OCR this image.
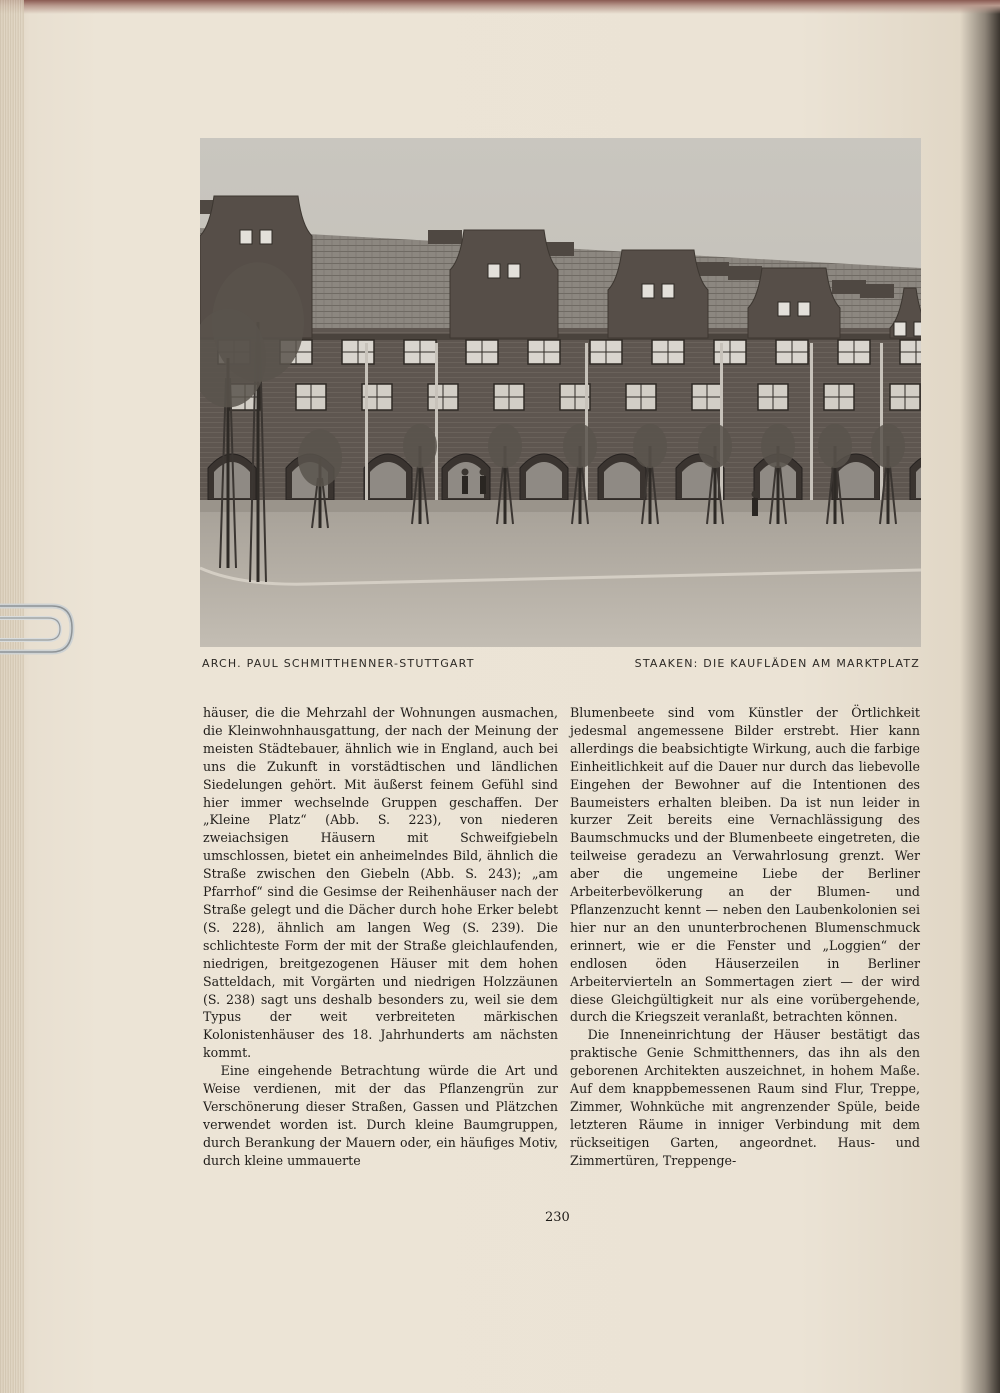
ARCH. PAUL SCHMITTHENNER-STUTTGART	STAAKEN: DIE KAUFLÄDEN AM MARKTPLATZ

häuser, die die Mehrzahl der Wohnungen ausmachen, die Kleinwohnhausgattung, der nach der Meinung der meisten Städtebauer, ähnlich wie in England, auch bei uns die Zukunft in vorstädtischen und ländlichen Siedelungen gehört. Mit äußerst feinem Gefühl sind hier immer wechselnde Gruppen geschaffen. Der „Kleine Platz“ (Abb. S. 223), von niederen zweiachsigen Häusern mit Schweifgiebeln umschlossen, bietet ein anheimelndes Bild, ähnlich die Straße zwischen den Giebeln (Abb. S. 243); „am Pfarrhof“ sind die Gesimse der Reihenhäuser nach der Straße gelegt und die Dächer durch hohe Erker belebt (S. 228), ähnlich am langen Weg (S. 239). Die schlichteste Form der mit der Straße gleichlaufenden, niedrigen, breitgezogenen Häuser mit dem hohen Satteldach, mit Vorgärten und niedrigen Holzzäunen (S. 238) sagt uns deshalb besonders zu, weil sie dem Typus der weit verbreiteten märkischen Kolonistenhäuser des 18. Jahrhunderts am nächsten kommt.

Eine eingehende Betrachtung würde die Art und Weise verdienen, mit der das Pflanzengrün zur Verschönerung dieser Straßen, Gassen und Plätzchen verwendet worden ist. Durch kleine Baumgruppen, durch Berankung der Mauern oder, ein häufiges Motiv, durch kleine ummauerte

Blumenbeete sind vom Künstler der Örtlichkeit jedesmal angemessene Bilder erstrebt. Hier kann allerdings die beabsichtigte Wirkung, auch die farbige Einheitlichkeit auf die Dauer nur durch das liebevolle Eingehen der Bewohner auf die Intentionen des Baumeisters erhalten bleiben. Da ist nun leider in kurzer Zeit bereits eine Vernachlässigung des Baumschmucks und der Blumenbeete eingetreten, die teilweise geradezu an Verwahrlosung grenzt. Wer aber die ungemeine Liebe der Berliner Arbeiterbevölkerung an der Blumen- und Pflanzenzucht kennt — neben den Laubenkolonien sei hier nur an den ununterbrochenen Blumenschmuck erinnert, wie er die Fenster und „Loggien“ der endlosen öden Häuserzeilen in Berliner Arbeitervierteln an Sommertagen ziert — der wird diese Gleichgültigkeit nur als eine vorübergehende, durch die Kriegszeit veranlaßt, betrachten können.

Die Inneneinrichtung der Häuser bestätigt das praktische Genie Schmitthenners, das ihn als den geborenen Architekten auszeichnet, in hohem Maße. Auf dem knappbemessenen Raum sind Flur, Treppe, Zimmer, Wohnküche mit angrenzender Spüle, beide letzteren Räume in inniger Verbindung mit dem rückseitigen Garten, angeordnet. Haus- und Zimmertüren, Treppenge-

230
